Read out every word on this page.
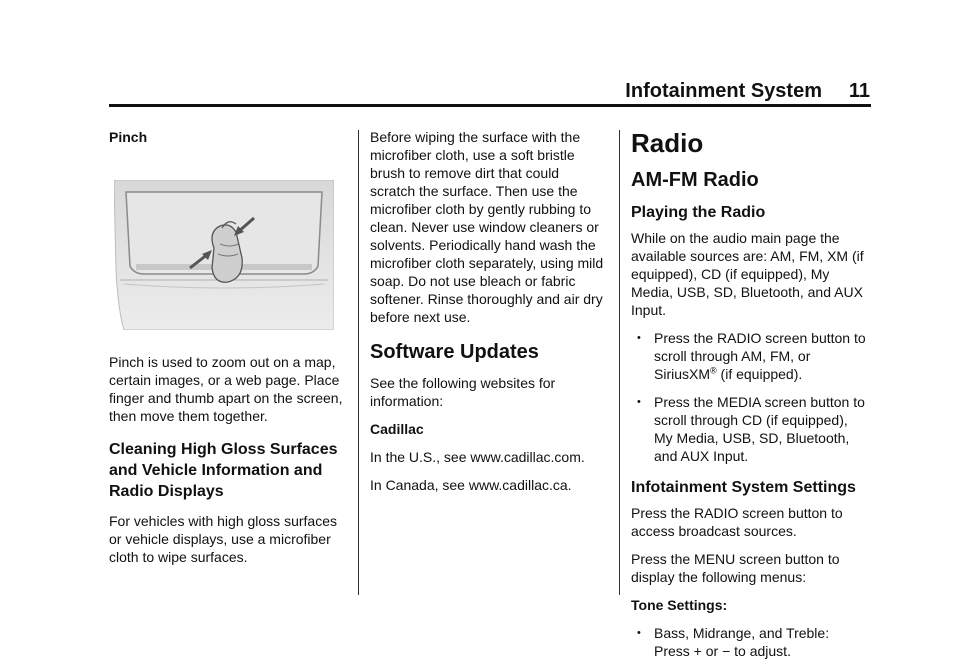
Infotainment System 11

Pinch

Pinch is used to zoom out on a map, certain images, or a web page. Place finger and thumb apart on the screen, then move them together.

Cleaning High Gloss Surfaces and Vehicle Information and Radio Displays

For vehicles with high gloss surfaces or vehicle displays, use a microfiber cloth to wipe surfaces.

Before wiping the surface with the microfiber cloth, use a soft bristle brush to remove dirt that could scratch the surface. Then use the microfiber cloth by gently rubbing to clean. Never use window cleaners or solvents. Periodically hand wash the microfiber cloth separately, using mild soap. Do not use bleach or fabric softener. Rinse thoroughly and air dry before next use.

Software Updates

See the following websites for information:

Cadillac

In the U.S., see www.cadillac.com.

In Canada, see www.cadillac.ca.

Radio

AM-FM Radio

Playing the Radio

While on the audio main page the available sources are: AM, FM, XM (if equipped), CD (if equipped), My Media, USB, SD, Bluetooth, and AUX Input.

• Press the RADIO screen button to scroll through AM, FM, or SiriusXM® (if equipped).

• Press the MEDIA screen button to scroll through CD (if equipped), My Media, USB, SD, Bluetooth, and AUX Input.

Infotainment System Settings

Press the RADIO screen button to access broadcast sources.

Press the MENU screen button to display the following menus:

Tone Settings:

• Bass, Midrange, and Treble: Press + or − to adjust.
